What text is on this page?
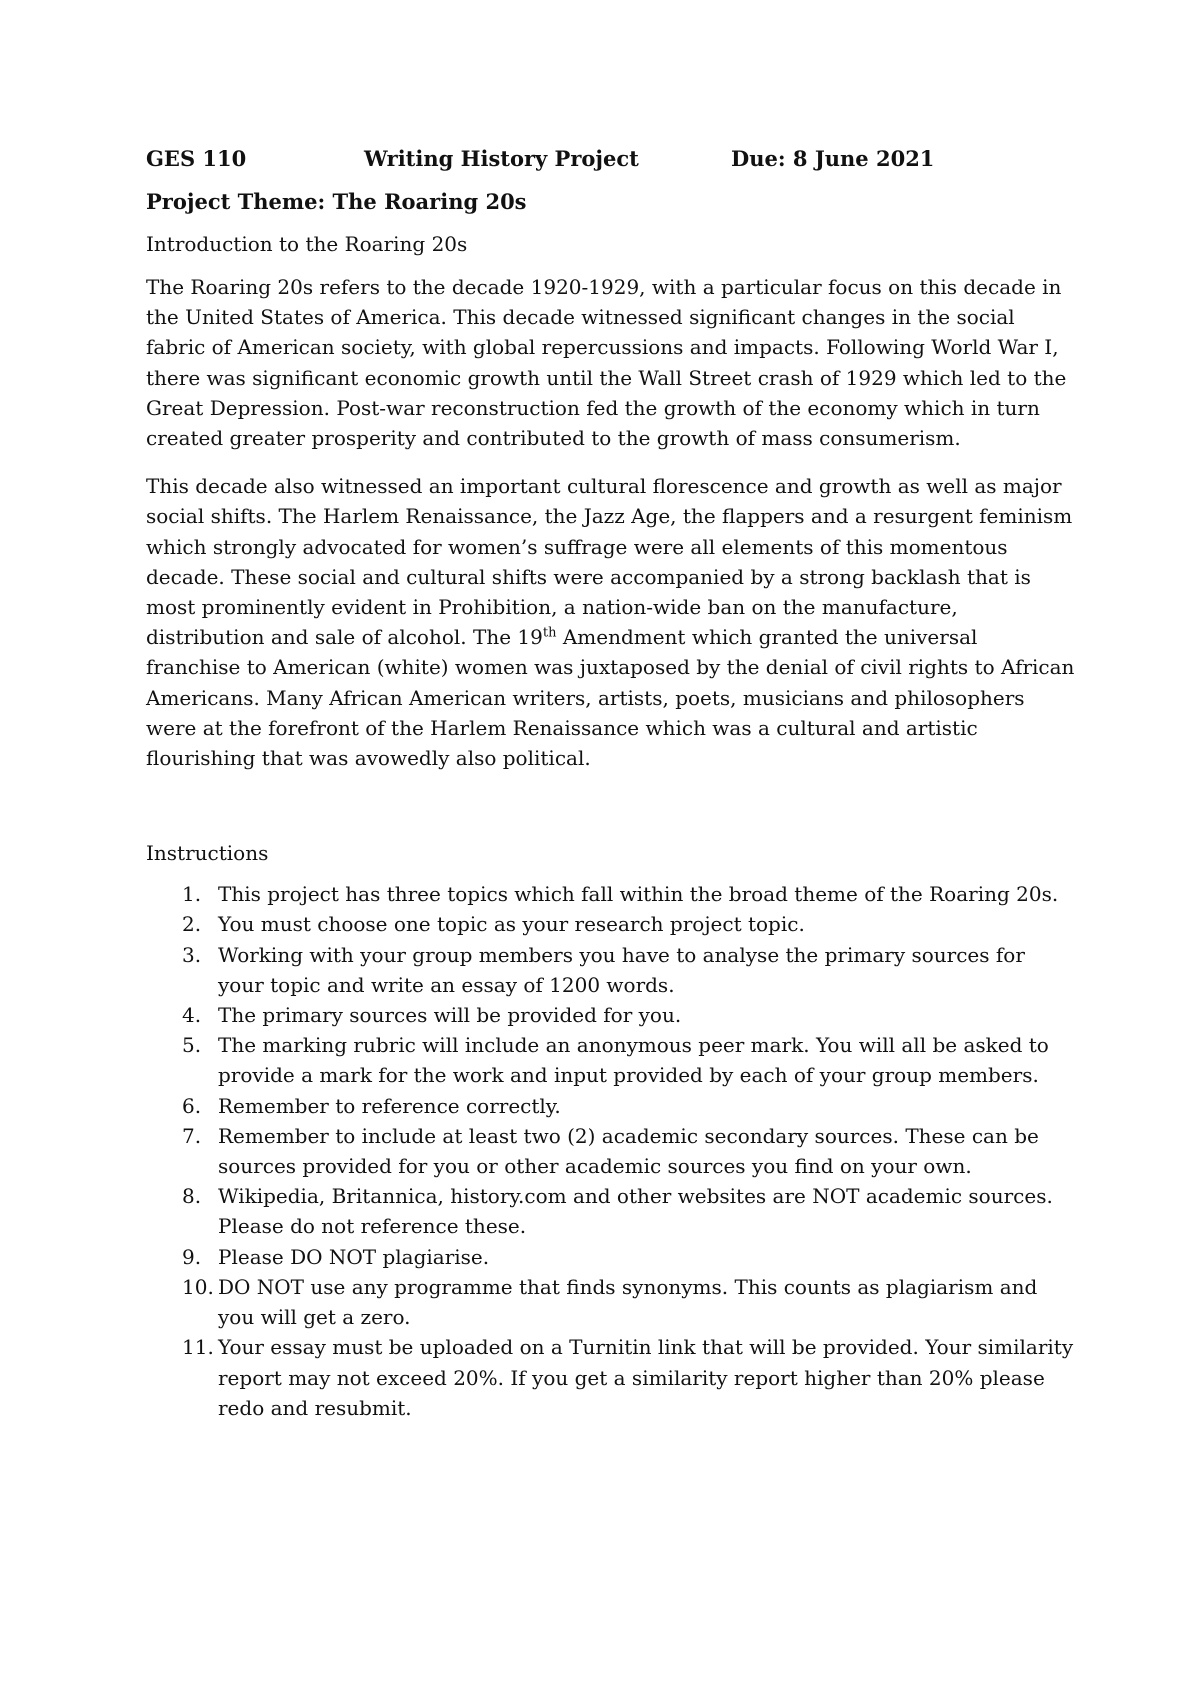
GES 110	Writing History Project	Due: 8 June 2021
Project Theme: The Roaring 20s
Introduction to the Roaring 20s

The Roaring 20s refers to the decade 1920-1929, with a particular focus on this decade in the United States of America. This decade witnessed significant changes in the social fabric of American society, with global repercussions and impacts. Following World War I, there was significant economic growth until the Wall Street crash of 1929 which led to the Great Depression. Post-war reconstruction fed the growth of the economy which in turn created greater prosperity and contributed to the growth of mass consumerism.

This decade also witnessed an important cultural florescence and growth as well as major social shifts. The Harlem Renaissance, the Jazz Age, the flappers and a resurgent feminism which strongly advocated for women’s suffrage were all elements of this momentous decade. These social and cultural shifts were accompanied by a strong backlash that is most prominently evident in Prohibition, a nation-wide ban on the manufacture, distribution and sale of alcohol. The 19th Amendment which granted the universal franchise to American (white) women was juxtaposed by the denial of civil rights to African Americans. Many African American writers, artists, poets, musicians and philosophers were at the forefront of the Harlem Renaissance which was a cultural and artistic flourishing that was avowedly also political.

Instructions
1. This project has three topics which fall within the broad theme of the Roaring 20s.
2. You must choose one topic as your research project topic.
3. Working with your group members you have to analyse the primary sources for your topic and write an essay of 1200 words.
4. The primary sources will be provided for you.
5. The marking rubric will include an anonymous peer mark. You will all be asked to provide a mark for the work and input provided by each of your group members.
6. Remember to reference correctly.
7. Remember to include at least two (2) academic secondary sources. These can be sources provided for you or other academic sources you find on your own.
8. Wikipedia, Britannica, history.com and other websites are NOT academic sources. Please do not reference these.
9. Please DO NOT plagiarise.
10. DO NOT use any programme that finds synonyms. This counts as plagiarism and you will get a zero.
11. Your essay must be uploaded on a Turnitin link that will be provided. Your similarity report may not exceed 20%. If you get a similarity report higher than 20% please redo and resubmit.
